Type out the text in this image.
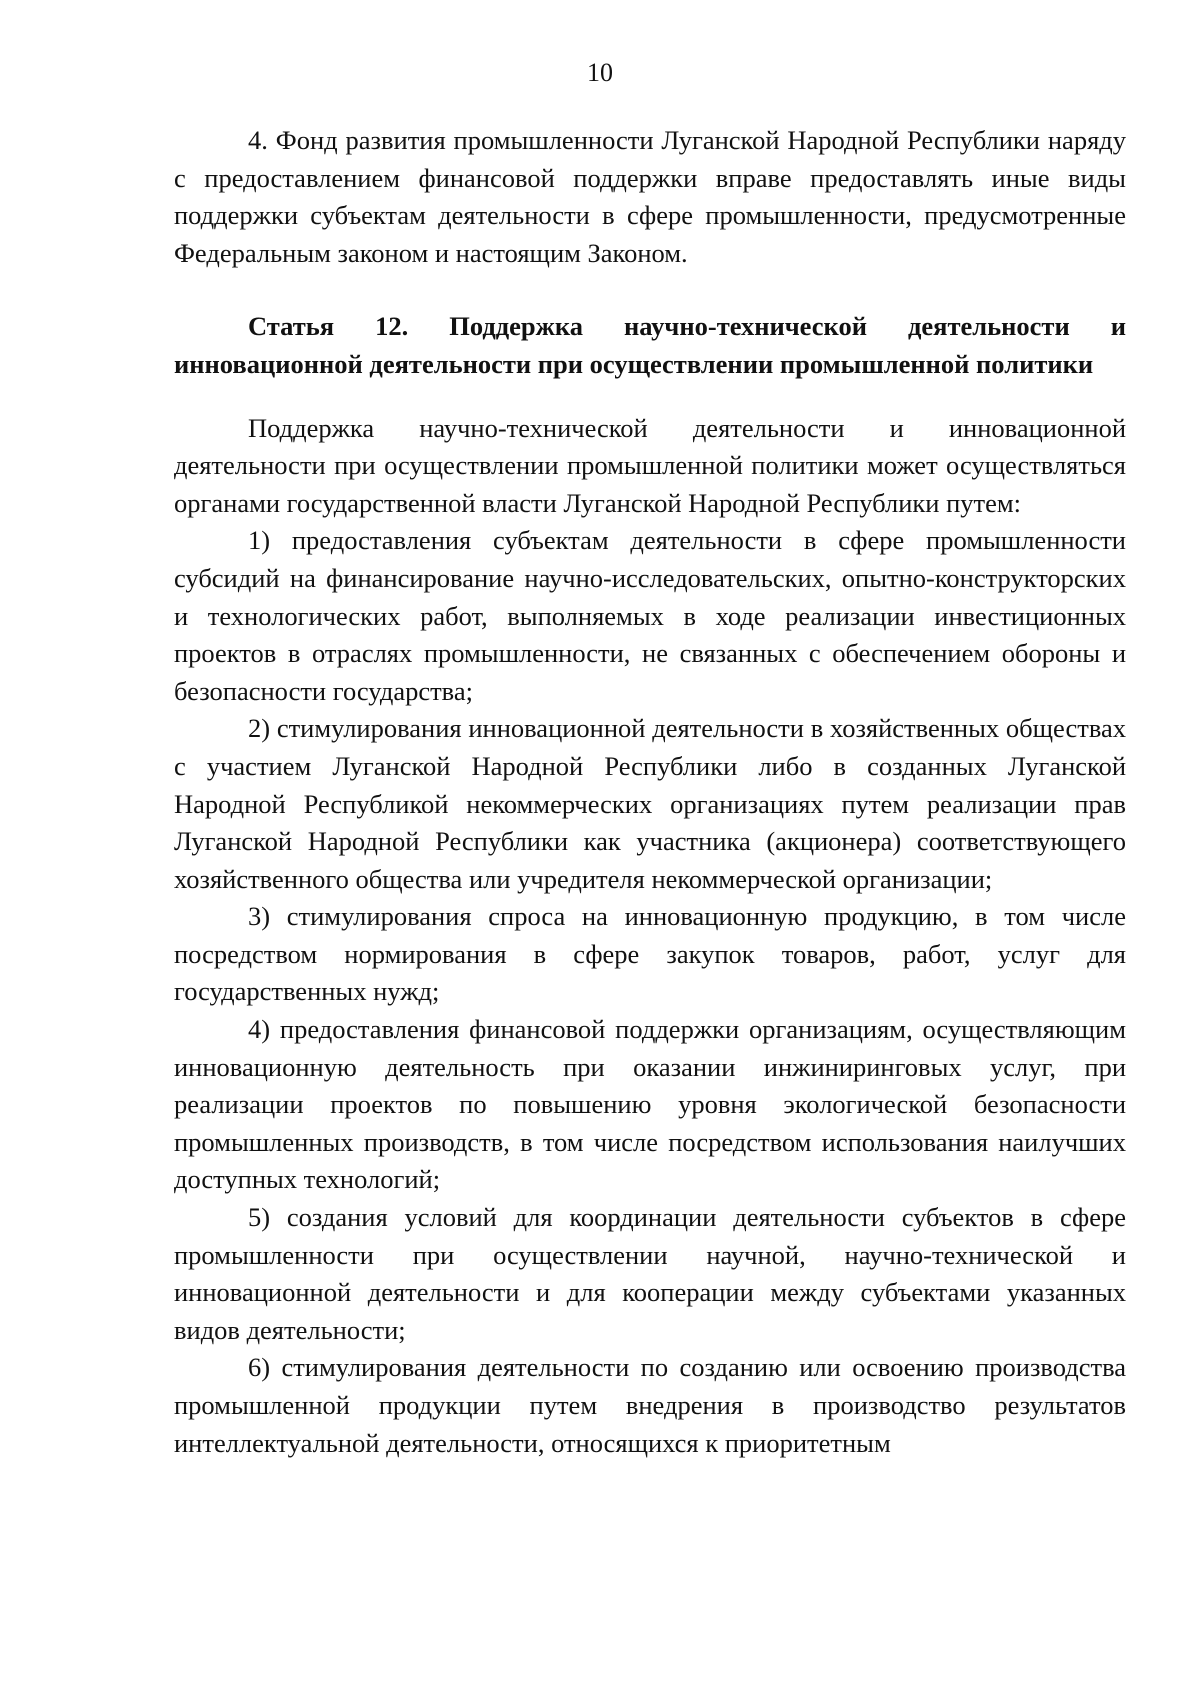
10

4. Фонд развития промышленности Луганской Народной Республики наряду с предоставлением финансовой поддержки вправе предоставлять иные виды поддержки субъектам деятельности в сфере промышленности, предусмотренные Федеральным законом и настоящим Законом.

Статья 12. Поддержка научно-технической деятельности и инновационной деятельности при осуществлении промышленной политики

Поддержка научно-технической деятельности и инновационной деятельности при осуществлении промышленной политики может осуществляться органами государственной власти Луганской Народной Республики путем:

1) предоставления субъектам деятельности в сфере промышленности субсидий на финансирование научно-исследовательских, опытно-конструкторских и технологических работ, выполняемых в ходе реализации инвестиционных проектов в отраслях промышленности, не связанных с обеспечением обороны и безопасности государства;

2) стимулирования инновационной деятельности в хозяйственных обществах с участием Луганской Народной Республики либо в созданных Луганской Народной Республикой некоммерческих организациях путем реализации прав Луганской Народной Республики как участника (акционера) соответствующего хозяйственного общества или учредителя некоммерческой организации;

3) стимулирования спроса на инновационную продукцию, в том числе посредством нормирования в сфере закупок товаров, работ, услуг для государственных нужд;

4) предоставления финансовой поддержки организациям, осуществляющим инновационную деятельность при оказании инжиниринговых услуг, при реализации проектов по повышению уровня экологической безопасности промышленных производств, в том числе посредством использования наилучших доступных технологий;

5) создания условий для координации деятельности субъектов в сфере промышленности при осуществлении научной, научно-технической и инновационной деятельности и для кооперации между субъектами указанных видов деятельности;

6) стимулирования деятельности по созданию или освоению производства промышленной продукции путем внедрения в производство результатов интеллектуальной деятельности, относящихся к приоритетным
